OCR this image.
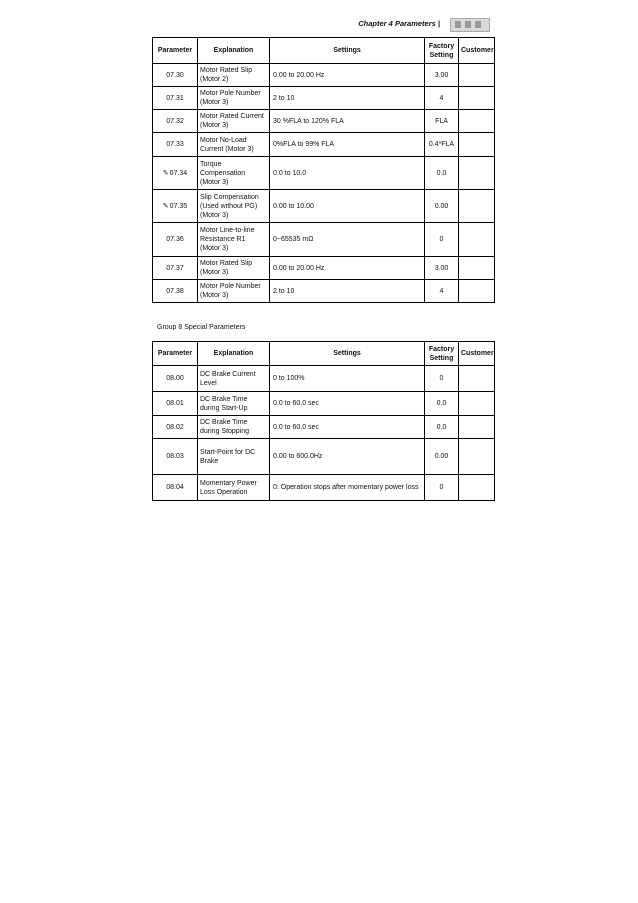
Chapter 4 Parameters |
Parameter	Explanation	Settings	Factory Setting	Customer
07.30	Motor Rated Slip (Motor 2)	0.00 to 20.00 Hz	3.00	
07.31	Motor Pole Number (Motor 3)	2 to 10	4	
07.32	Motor Rated Current (Motor 3)	30 %FLA to 120% FLA	FLA	
07.33	Motor No-Load Current (Motor 3)	0%FLA to 99% FLA	0.4*FLA	
✎07.34	Torque Compensation (Motor 3)	0.0 to 10.0	0.0	
✎07.35	Slip Compensation (Used without PG) (Motor 3)	0.00 to 10.00	0.00	
07.36	Motor Line-to-line Resistance R1 (Motor 3)	0~65535 mΩ	0	
07.37	Motor Rated Slip (Motor 3)	0.00 to 20.00 Hz	3.00	
07.38	Motor Pole Number (Motor 3)	2 to 10	4	
Group 8 Special Parameters
Parameter	Explanation	Settings	Factory Setting	Customer
08.00	DC Brake Current Level	0 to 100%	0	
08.01	DC Brake Time during Start-Up	0.0 to 60.0 sec	0.0	
08.02	DC Brake Time during Stopping	0.0 to 60.0 sec	0.0	
08.03	Start-Point for DC Brake	0.00 to 600.0Hz	0.00	
08.04	Momentary Power Loss Operation	0: Operation stops after momentary power loss	0	
